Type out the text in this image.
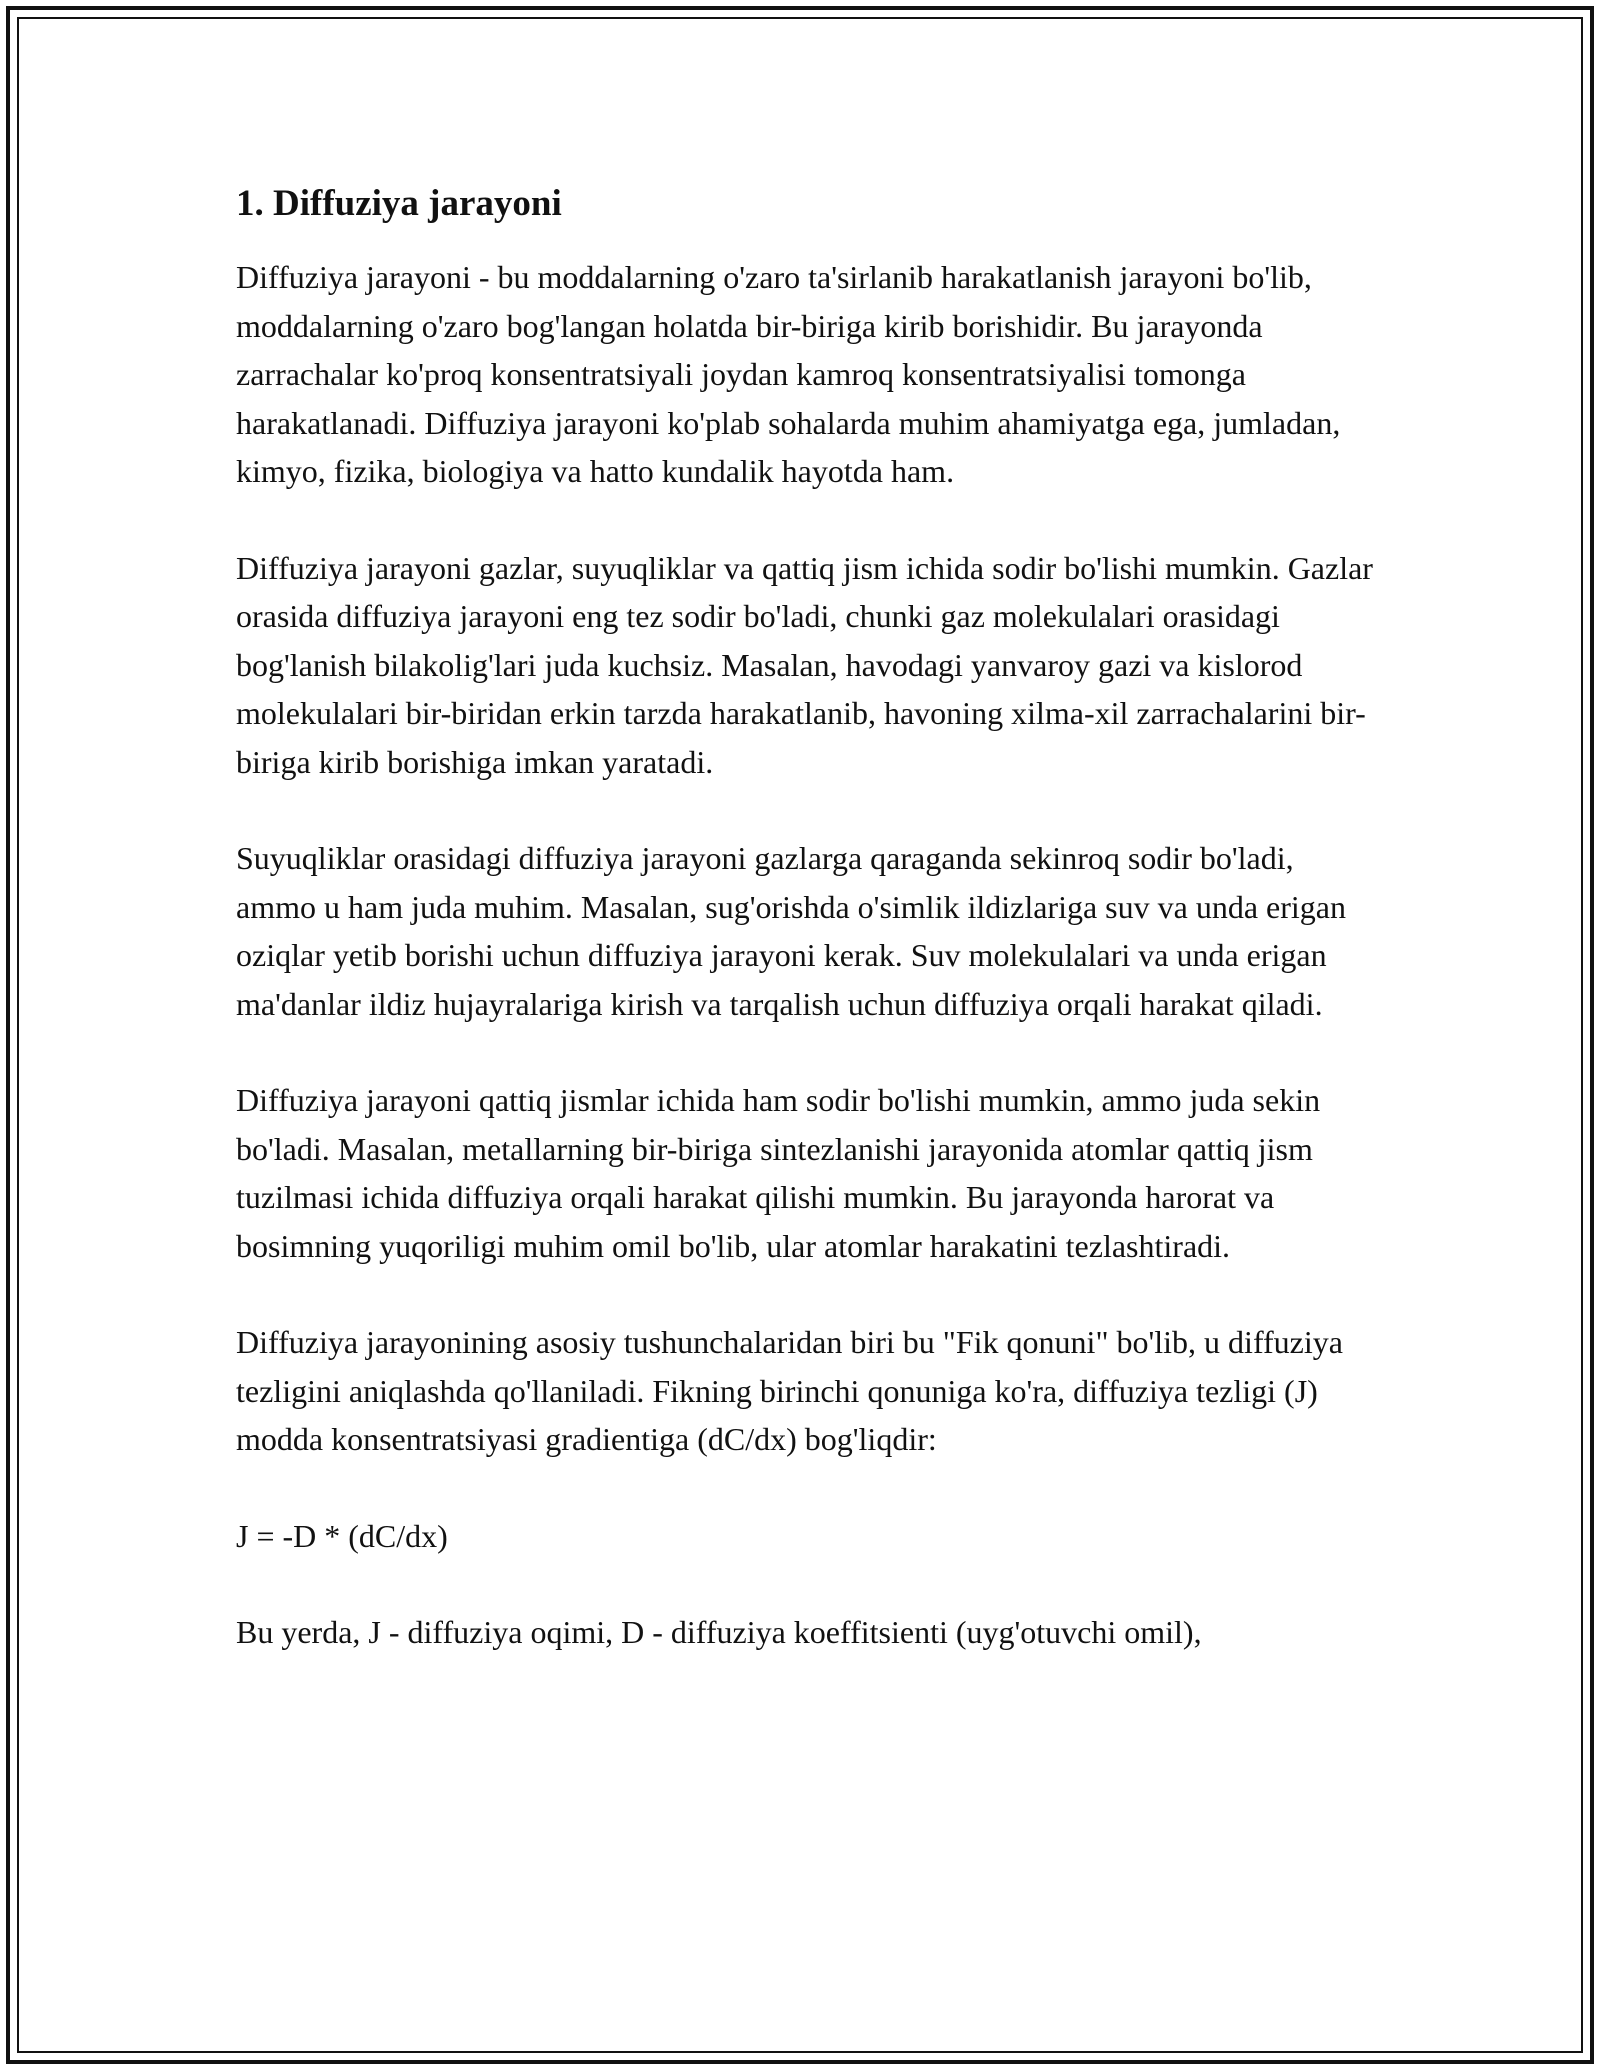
1. Diffuziya jarayoni

Diffuziya jarayoni - bu moddalarning o'zaro ta'sirlanib harakatlanish jarayoni bo'lib, moddalarning o'zaro bog'langan holatda bir-biriga kirib borishidir. Bu jarayonda zarrachalar ko'proq konsentratsiyali joydan kamroq konsentratsiyalisi tomonga harakatlanadi. Diffuziya jarayoni ko'plab sohalarda muhim ahamiyatga ega, jumladan, kimyo, fizika, biologiya va hatto kundalik hayotda ham.

Diffuziya jarayoni gazlar, suyuqliklar va qattiq jism ichida sodir bo'lishi mumkin. Gazlar orasida diffuziya jarayoni eng tez sodir bo'ladi, chunki gaz molekulalari orasidagi bog'lanish bilakolig'lari juda kuchsiz. Masalan, havodagi yanvaroy gazi va kislorod molekulalari bir-biridan erkin tarzda harakatlanib, havoning xilma-xil zarrachalarini bir-biriga kirib borishiga imkan yaratadi.

Suyuqliklar orasidagi diffuziya jarayoni gazlarga qaraganda sekinroq sodir bo'ladi, ammo u ham juda muhim. Masalan, sug'orishda o'simlik ildizlariga suv va unda erigan oziqlar yetib borishi uchun diffuziya jarayoni kerak. Suv molekulalari va unda erigan ma'danlar ildiz hujayralariga kirish va tarqalish uchun diffuziya orqali harakat qiladi.

Diffuziya jarayoni qattiq jismlar ichida ham sodir bo'lishi mumkin, ammo juda sekin bo'ladi. Masalan, metallarning bir-biriga sintezlanishi jarayonida atomlar qattiq jism tuzilmasi ichida diffuziya orqali harakat qilishi mumkin. Bu jarayonda harorat va bosimning yuqoriligi muhim omil bo'lib, ular atomlar harakatini tezlashtiradi.

Diffuziya jarayonining asosiy tushunchalaridan biri bu "Fik qonuni" bo'lib, u diffuziya tezligini aniqlashda qo'llaniladi. Fikning birinchi qonuniga ko'ra, diffuziya tezligi (J) modda konsentratsiyasi gradientiga (dC/dx) bog'liqdir:

J = -D * (dC/dx)

Bu yerda, J - diffuziya oqimi, D - diffuziya koeffitsienti (uyg'otuvchi omil),
